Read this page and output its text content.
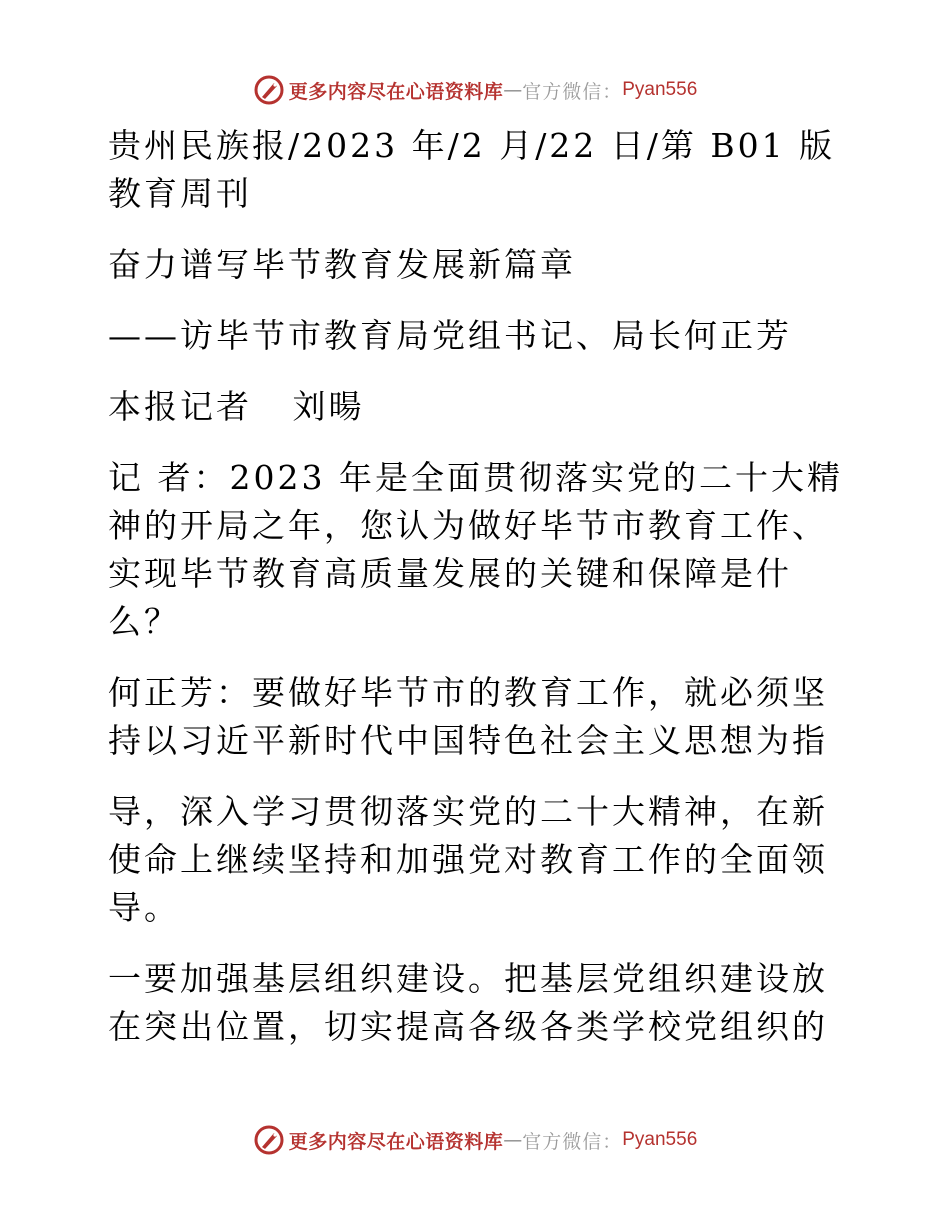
更多内容尽在心语资料库 — 官方微信： Pyan556

贵州民族报/2023 年/2 月/22 日/第 B01 版教育周刊

奋力谱写毕节教育发展新篇章

——访毕节市教育局党组书记、局长何正芳

本报记者 刘暘

记 者：2023 年是全面贯彻落实党的二十大精神的开局之年，您认为做好毕节市教育工作、实现毕节教育高质量发展的关键和保障是什么？

何正芳：要做好毕节市的教育工作，就必须坚持以习近平新时代中国特色社会主义思想为指

导，深入学习贯彻落实党的二十大精神，在新使命上继续坚持和加强党对教育工作的全面领导。

一要加强基层组织建设。把基层党组织建设放在突出位置，切实提高各级各类学校党组织的

更多内容尽在心语资料库 — 官方微信： Pyan556
